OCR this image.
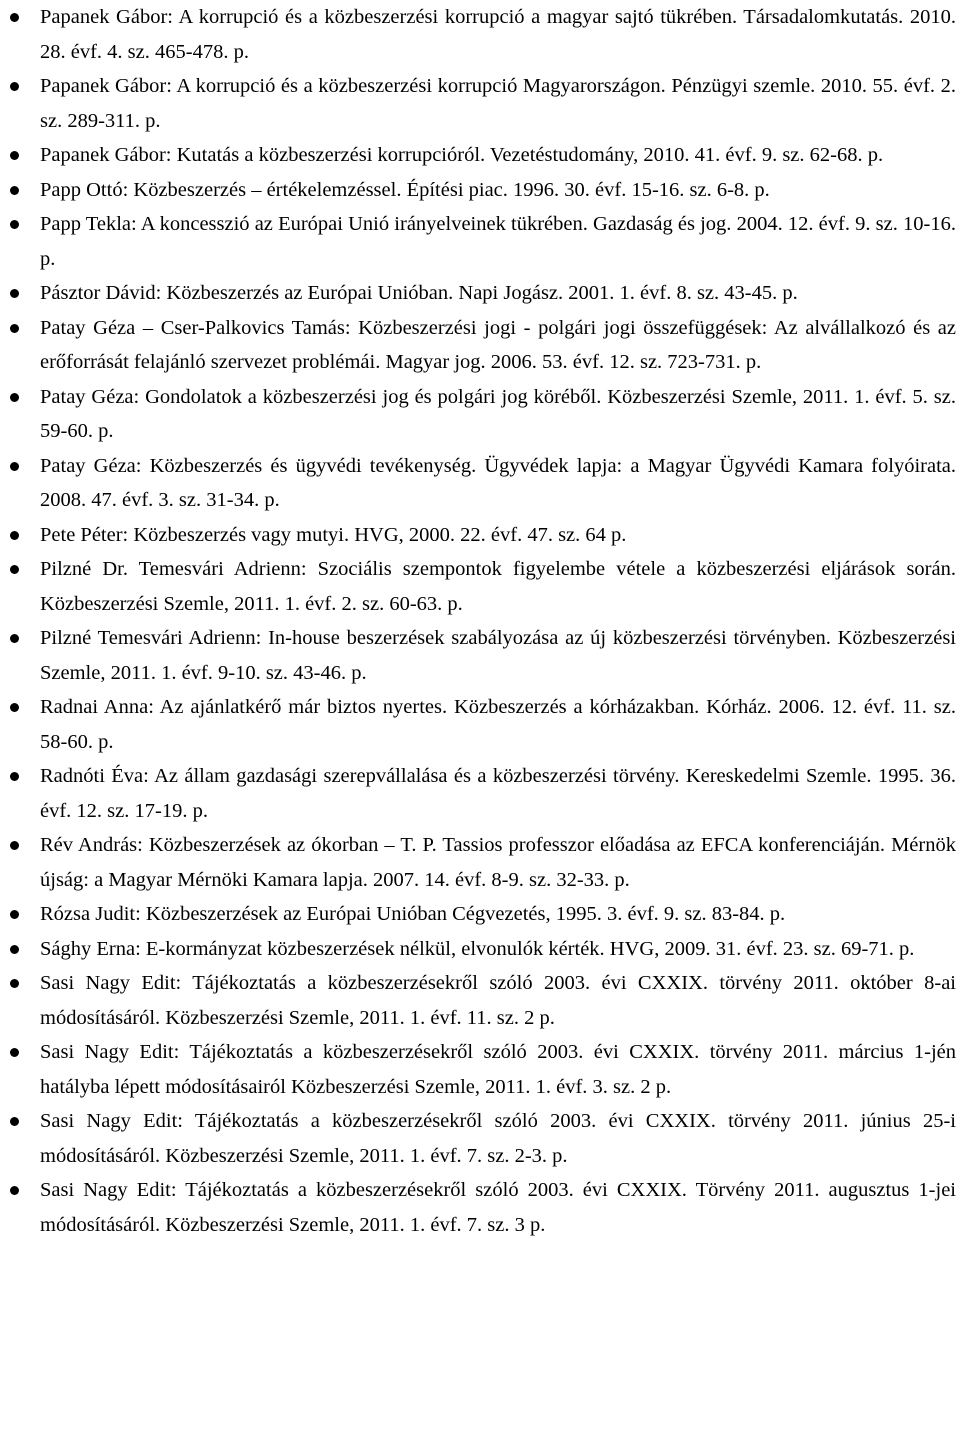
Papanek Gábor: A korrupció és a közbeszerzési korrupció a magyar sajtó tükrében. Társadalomkutatás. 2010. 28. évf. 4. sz. 465-478. p.
Papanek Gábor: A korrupció és a közbeszerzési korrupció Magyarországon. Pénzügyi szemle. 2010. 55. évf. 2. sz. 289-311. p.
Papanek Gábor: Kutatás a közbeszerzési korrupcióról. Vezetéstudomány, 2010. 41. évf. 9. sz. 62-68. p.
Papp Ottó: Közbeszerzés – értékelemzéssel. Építési piac. 1996. 30. évf. 15-16. sz. 6-8. p.
Papp Tekla: A koncesszió az Európai Unió irányelveinek tükrében. Gazdaság és jog. 2004. 12. évf. 9. sz. 10-16. p.
Pásztor Dávid: Közbeszerzés az Európai Unióban. Napi Jogász. 2001. 1. évf. 8. sz. 43-45. p.
Patay Géza – Cser-Palkovics Tamás: Közbeszerzési jogi - polgári jogi összefüggések: Az alvállalkozó és az erőforrását felajánló szervezet problémái. Magyar jog. 2006. 53. évf. 12. sz. 723-731. p.
Patay Géza: Gondolatok a közbeszerzési jog és polgári jog köréből. Közbeszerzési Szemle, 2011. 1. évf. 5. sz. 59-60. p.
Patay Géza: Közbeszerzés és ügyvédi tevékenység. Ügyvédek lapja: a Magyar Ügyvédi Kamara folyóirata. 2008. 47. évf. 3. sz. 31-34. p.
Pete Péter: Közbeszerzés vagy mutyi. HVG, 2000. 22. évf. 47. sz. 64 p.
Pilzné Dr. Temesvári Adrienn: Szociális szempontok figyelembe vétele a közbeszerzési eljárások során. Közbeszerzési Szemle, 2011. 1. évf. 2. sz. 60-63. p.
Pilzné Temesvári Adrienn: In-house beszerzések szabályozása az új közbeszerzési törvényben. Közbeszerzési Szemle, 2011. 1. évf. 9-10. sz. 43-46. p.
Radnai Anna: Az ajánlatkérő már biztos nyertes. Közbeszerzés a kórházakban. Kórház. 2006. 12. évf. 11. sz. 58-60. p.
Radnóti Éva: Az állam gazdasági szerepvállalása és a közbeszerzési törvény. Kereskedelmi Szemle. 1995. 36. évf. 12. sz. 17-19. p.
Rév András: Közbeszerzések az ókorban – T. P. Tassios professzor előadása az EFCA konferenciáján. Mérnök újság: a Magyar Mérnöki Kamara lapja. 2007. 14. évf. 8-9. sz. 32-33. p.
Rózsa Judit: Közbeszerzések az Európai Unióban Cégvezetés, 1995. 3. évf. 9. sz. 83-84. p.
Sághy Erna: E-kormányzat közbeszerzések nélkül, elvonulók kérték. HVG, 2009. 31. évf. 23. sz. 69-71. p.
Sasi Nagy Edit: Tájékoztatás a közbeszerzésekről szóló 2003. évi CXXIX. törvény 2011. október 8-ai módosításáról. Közbeszerzési Szemle, 2011. 1. évf. 11. sz. 2 p.
Sasi Nagy Edit: Tájékoztatás a közbeszerzésekről szóló 2003. évi CXXIX. törvény 2011. március 1-jén hatályba lépett módosításairól Közbeszerzési Szemle, 2011. 1. évf. 3. sz. 2 p.
Sasi Nagy Edit: Tájékoztatás a közbeszerzésekről szóló 2003. évi CXXIX. törvény 2011. június 25-i módosításáról. Közbeszerzési Szemle, 2011. 1. évf. 7. sz. 2-3. p.
Sasi Nagy Edit: Tájékoztatás a közbeszerzésekről szóló 2003. évi CXXIX. Törvény 2011. augusztus 1-jei módosításáról. Közbeszerzési Szemle, 2011. 1. évf. 7. sz. 3 p.
